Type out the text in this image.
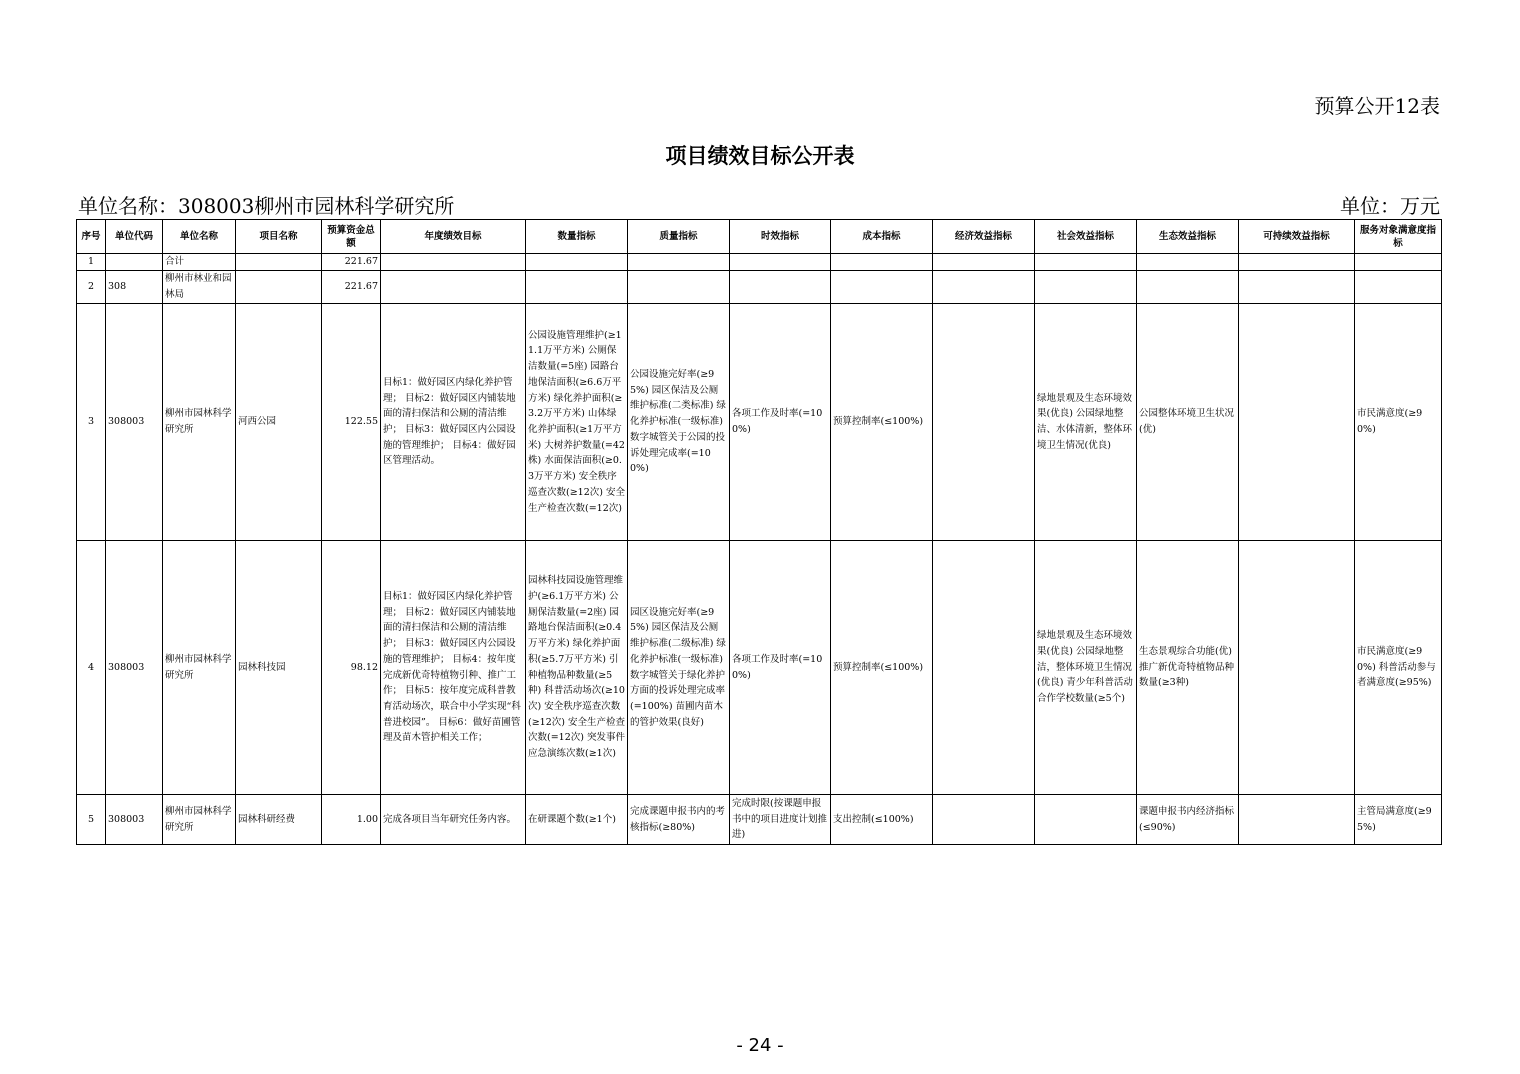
预算公开12表
项目绩效目标公开表
单位名称：308003柳州市园林科学研究所	单位：万元
序号	单位代码	单位名称	项目名称	预算资金总额	年度绩效目标	数量指标	质量指标	时效指标	成本指标	经济效益指标	社会效益指标	生态效益指标	可持续效益指标	服务对象满意度指标
1		合计		221.67										
2	308	柳州市林业和园林局		221.67										
3	308003	柳州市园林科学研究所	河西公园	122.55	目标1：做好园区内绿化养护管理； 目标2：做好园区内铺装地面的清扫保洁和公厕的清洁维护； 目标3：做好园区内公园设施的管理维护； 目标4：做好园区管理活动。	公园设施管理维护(≥11.1万平方米) 公厕保洁数量(=5座) 园路台地保洁面积(≥6.6万平方米) 绿化养护面积(≥3.2万平方米) 山体绿化养护面积(≥1万平方米) 大树养护数量(=42株) 水面保洁面积(≥0.3万平方米) 安全秩序巡查次数(≥12次) 安全生产检查次数(=12次)	公园设施完好率(≥95%) 园区保洁及公厕维护标准(二类标准) 绿化养护标准(一级标准) 数字城管关于公园的投诉处理完成率(=100%)	各项工作及时率(=100%)	预算控制率(≤100%)		绿地景观及生态环境效果(优良) 公园绿地整洁、水体清新，整体环境卫生情况(优良)	公园整体环境卫生状况(优)		市民满意度(≥90%)
4	308003	柳州市园林科学研究所	园林科技园	98.12	目标1：做好园区内绿化养护管理； 目标2：做好园区内铺装地面的清扫保洁和公厕的清洁维护； 目标3：做好园区内公园设施的管理维护； 目标4：按年度完成新优奇特植物引种、推广工作； 目标5：按年度完成科普教育活动场次，联合中小学实现“科普进校园”。 目标6：做好苗圃管理及苗木管护相关工作；	园林科技园设施管理维护(≥6.1万平方米) 公厕保洁数量(=2座) 园路地台保洁面积(≥0.4万平方米) 绿化养护面积(≥5.7万平方米) 引种植物品种数量(≥5种) 科普活动场次(≥10次) 安全秩序巡查次数(≥12次) 安全生产检查次数(=12次) 突发事件应急演练次数(≥1次)	园区设施完好率(≥95%) 园区保洁及公厕维护标准(二级标准) 绿化养护标准(一级标准) 数字城管关于绿化养护方面的投诉处理完成率(=100%) 苗圃内苗木的管护效果(良好)	各项工作及时率(=100%)	预算控制率(≤100%)		绿地景观及生态环境效果(优良) 公园绿地整洁，整体环境卫生情况(优良) 青少年科普活动合作学校数量(≥5个)	生态景观综合功能(优) 推广新优奇特植物品种数量(≥3种)		市民满意度(≥90%) 科普活动参与者满意度(≥95%)
5	308003	柳州市园林科学研究所	园林科研经费	1.00	完成各项目当年研究任务内容。	在研课题个数(≥1个)	完成课题申报书内的考核指标(≥80%)	完成时限(按课题申报书中的项目进度计划推进)	支出控制(≤100%)			课题申报书内经济指标(≤90%)		主管局满意度(≥95%)
- 24 -
